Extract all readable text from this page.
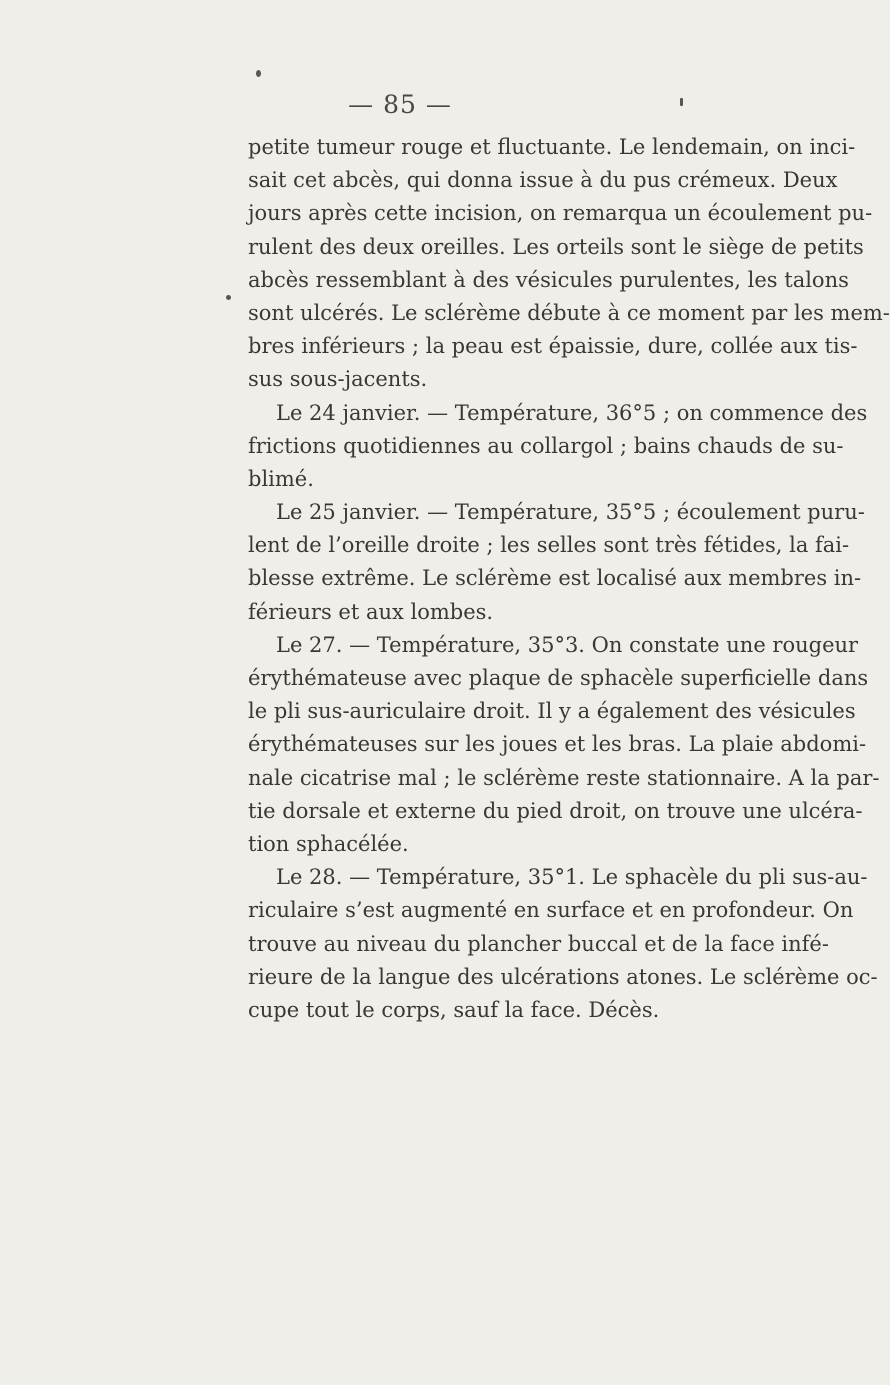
— 85 —
petite tumeur rouge et fluctuante. Le lendemain, on inci-
sait cet abcès, qui donna issue à du pus crémeux. Deux
jours après cette incision, on remarqua un écoulement pu-
rulent des deux oreilles. Les orteils sont le siège de petits
abcès ressemblant à des vésicules purulentes, les talons
sont ulcérés. Le sclérème débute à ce moment par les mem-
bres inférieurs ; la peau est épaissie, dure, collée aux tis-
sus sous-jacents.
Le 24 janvier. — Température, 36°5 ; on commence des
frictions quotidiennes au collargol ; bains chauds de su-
blimé.
Le 25 janvier. — Température, 35°5 ; écoulement puru-
lent de l’oreille droite ; les selles sont très fétides, la fai-
blesse extrême. Le sclérème est localisé aux membres in-
férieurs et aux lombes.
Le 27. — Température, 35°3. On constate une rougeur
érythémateuse avec plaque de sphacèle superficielle dans
le pli sus-auriculaire droit. Il y a également des vésicules
érythémateuses sur les joues et les bras. La plaie abdomi-
nale cicatrise mal ; le sclérème reste stationnaire. A la par-
tie dorsale et externe du pied droit, on trouve une ulcéra-
tion sphacélée.
Le 28. — Température, 35°1. Le sphacèle du pli sus-au-
riculaire s’est augmenté en surface et en profondeur. On
trouve au niveau du plancher buccal et de la face infé-
rieure de la langue des ulcérations atones. Le sclérème oc-
cupe tout le corps, sauf la face. Décès.
